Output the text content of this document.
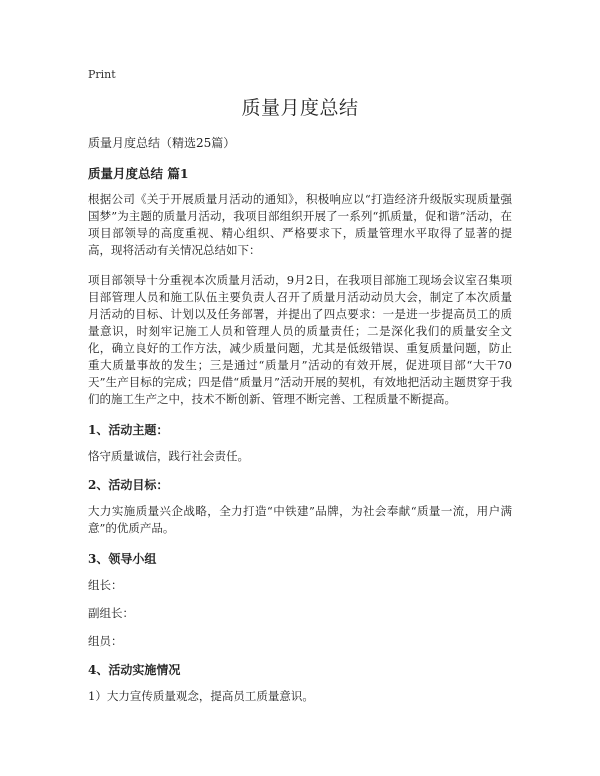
Print
质量月度总结
质量月度总结（精选25篇）
质量月度总结 篇1

根据公司《关于开展质量月活动的通知》，积极响应以“打造经济升级版实现质量强国梦”为主题的质量月活动，我项目部组织开展了一系列“抓质量，促和谐”活动，在项目部领导的高度重视、精心组织、严格要求下，质量管理水平取得了显著的提高，现将活动有关情况总结如下：

项目部领导十分重视本次质量月活动，9月2日，在我项目部施工现场会议室召集项目部管理人员和施工队伍主要负责人召开了质量月活动动员大会，制定了本次质量月活动的目标、计划以及任务部署，并提出了四点要求：一是进一步提高员工的质量意识，时刻牢记施工人员和管理人员的质量责任；二是深化我们的质量安全文化，确立良好的工作方法，减少质量问题，尤其是低级错误、重复质量问题，防止重大质量事故的发生；三是通过“质量月”活动的有效开展，促进项目部“大干70天”生产目标的完成；四是借“质量月”活动开展的契机，有效地把活动主题贯穿于我们的施工生产之中，技术不断创新、管理不断完善、工程质量不断提高。

1、活动主题：
恪守质量诚信，践行社会责任。
2、活动目标：

大力实施质量兴企战略，全力打造“中铁建”品牌，为社会奉献“质量一流，用户满意”的优质产品。

3、领导小组
组长：
副组长：
组员：
4、活动实施情况
1）大力宣传质量观念，提高员工质量意识。
